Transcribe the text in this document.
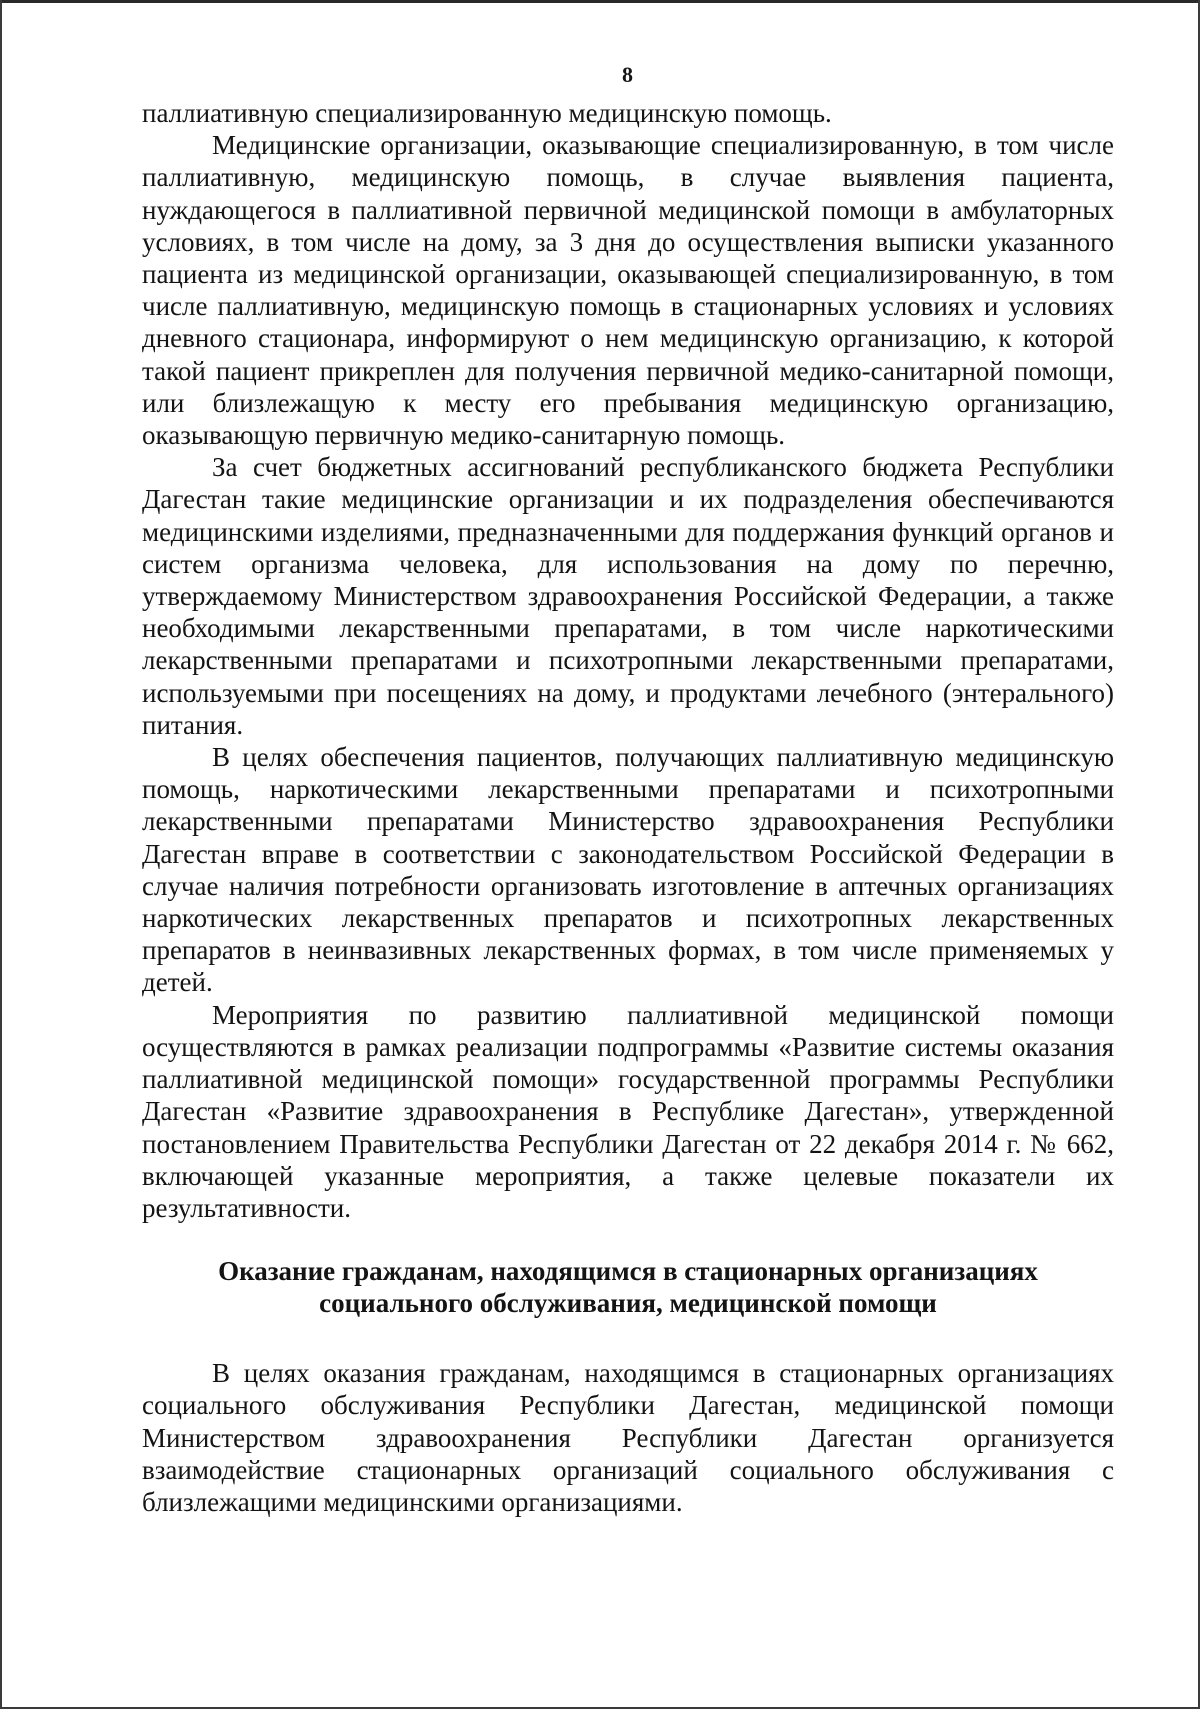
8

паллиативную специализированную медицинскую помощь.

Медицинские организации, оказывающие специализированную, в том числе паллиативную, медицинскую помощь, в случае выявления пациента, нуждающегося в паллиативной первичной медицинской помощи в амбулаторных условиях, в том числе на дому, за 3 дня до осуществления выписки указанного пациента из медицинской организации, оказывающей специализированную, в том числе паллиативную, медицинскую помощь в стационарных условиях и условиях дневного стационара, информируют о нем медицинскую организацию, к которой такой пациент прикреплен для получения первичной медико-санитарной помощи, или близлежащую к месту его пребывания медицинскую организацию, оказывающую первичную медико-санитарную помощь.

За счет бюджетных ассигнований республиканского бюджета Республики Дагестан такие медицинские организации и их подразделения обеспечиваются медицинскими изделиями, предназначенными для поддержания функций органов и систем организма человека, для использования на дому по перечню, утверждаемому Министерством здравоохранения Российской Федерации, а также необходимыми лекарственными препаратами, в том числе наркотическими лекарственными препаратами и психотропными лекарственными препаратами, используемыми при посещениях на дому, и продуктами лечебного (энтерального) питания.

В целях обеспечения пациентов, получающих паллиативную медицинскую помощь, наркотическими лекарственными препаратами и психотропными лекарственными препаратами Министерство здравоохранения Республики Дагестан вправе в соответствии с законодательством Российской Федерации в случае наличия потребности организовать изготовление в аптечных организациях наркотических лекарственных препаратов и психотропных лекарственных препаратов в неинвазивных лекарственных формах, в том числе применяемых у детей.

Мероприятия по развитию паллиативной медицинской помощи осуществляются в рамках реализации подпрограммы «Развитие системы оказания паллиативной медицинской помощи» государственной программы Республики Дагестан «Развитие здравоохранения в Республике Дагестан», утвержденной постановлением Правительства Республики Дагестан от 22 декабря 2014 г. № 662, включающей указанные мероприятия, а также целевые показатели их результативности.

Оказание гражданам, находящимся в стационарных организациях социального обслуживания, медицинской помощи

В целях оказания гражданам, находящимся в стационарных организациях социального обслуживания Республики Дагестан, медицинской помощи Министерством здравоохранения Республики Дагестан организуется взаимодействие стационарных организаций социального обслуживания с близлежащими медицинскими организациями.
